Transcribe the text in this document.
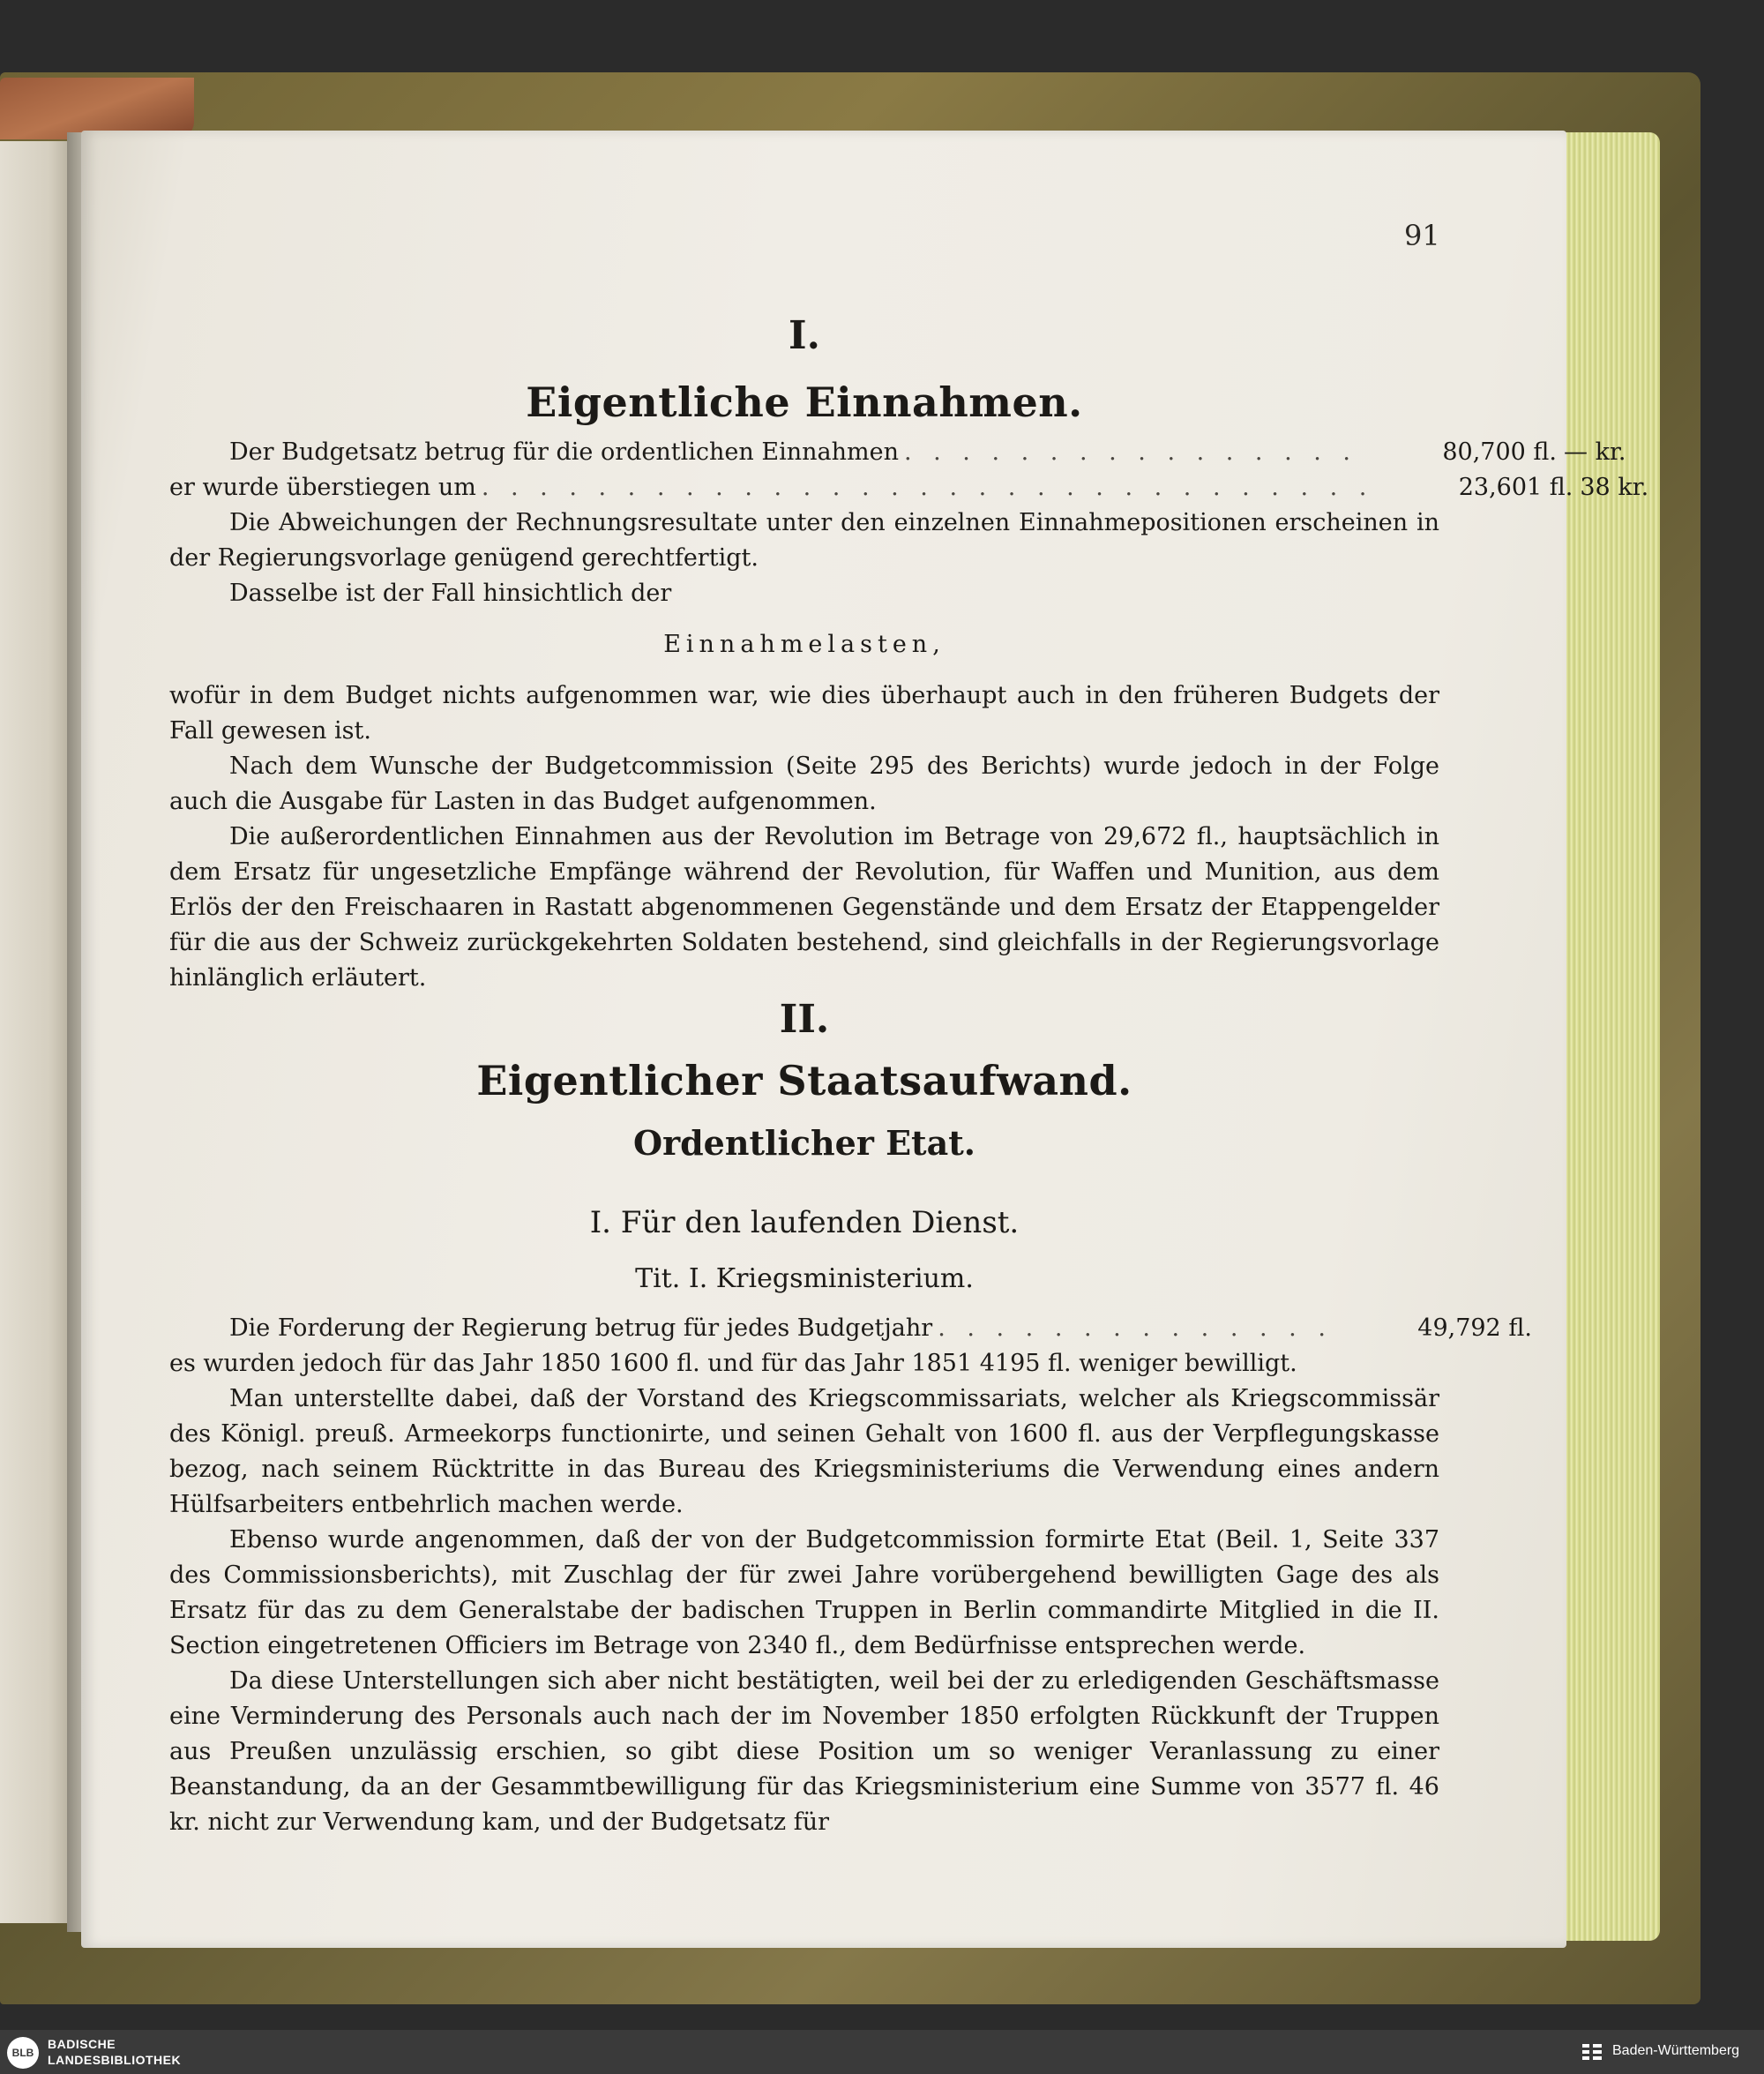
91
I.
Eigentliche Einnahmen.
Der Budgetsatz betrug für die ordentlichen Einnahmen . . . . . . . . . . . . . . . .	80,700 fl. — kr.
er wurde überstiegen um . . . . . . . . . . . . . . . . . . . . . . . . . . . . . . .	23,601 fl. 38 kr.

Die Abweichungen der Rechnungsresultate unter den einzelnen Einnahmepositionen erscheinen in der Regierungsvorlage genügend gerechtfertigt.

Dasselbe ist der Fall hinsichtlich der

Einnahmelasten,

wofür in dem Budget nichts aufgenommen war, wie dies überhaupt auch in den früheren Budgets der Fall gewesen ist.

Nach dem Wunsche der Budgetcommission (Seite 295 des Berichts) wurde jedoch in der Folge auch die Ausgabe für Lasten in das Budget aufgenommen.

Die außerordentlichen Einnahmen aus der Revolution im Betrage von 29,672 fl., hauptsächlich in dem Ersatz für ungesetzliche Empfänge während der Revolution, für Waffen und Munition, aus dem Erlös der den Freischaaren in Rastatt abgenommenen Gegenstände und dem Ersatz der Etappengelder für die aus der Schweiz zurückgekehrten Soldaten bestehend, sind gleichfalls in der Regierungsvorlage hinlänglich erläutert.

II.
Eigentlicher Staatsaufwand.
Ordentlicher Etat.
I. Für den laufenden Dienst.
Tit. I. Kriegsministerium.
Die Forderung der Regierung betrug für jedes Budgetjahr . . . . . . . . . . . . . .	49,792 fl.

es wurden jedoch für das Jahr 1850 1600 fl. und für das Jahr 1851 4195 fl. weniger bewilligt.

Man unterstellte dabei, daß der Vorstand des Kriegscommissariats, welcher als Kriegscommissär des Königl. preuß. Armeekorps functionirte, und seinen Gehalt von 1600 fl. aus der Verpflegungskasse bezog, nach seinem Rücktritte in das Bureau des Kriegsministeriums die Verwendung eines andern Hülfsarbeiters entbehrlich machen werde.

Ebenso wurde angenommen, daß der von der Budgetcommission formirte Etat (Beil. 1, Seite 337 des Commissionsberichts), mit Zuschlag der für zwei Jahre vorübergehend bewilligten Gage des als Ersatz für das zu dem Generalstabe der badischen Truppen in Berlin commandirte Mitglied in die II. Section eingetretenen Officiers im Betrage von 2340 fl., dem Bedürfnisse entsprechen werde.

Da diese Unterstellungen sich aber nicht bestätigten, weil bei der zu erledigenden Geschäftsmasse eine Verminderung des Personals auch nach der im November 1850 erfolgten Rückkunft der Truppen aus Preußen unzulässig erschien, so gibt diese Position um so weniger Veranlassung zu einer Beanstandung, da an der Gesammtbewilligung für das Kriegsministerium eine Summe von 3577 fl. 46 kr. nicht zur Verwendung kam, und der Budgetsatz für

BLB
BADISCHE
LANDESBIBLIOTHEK
Baden-Württemberg
